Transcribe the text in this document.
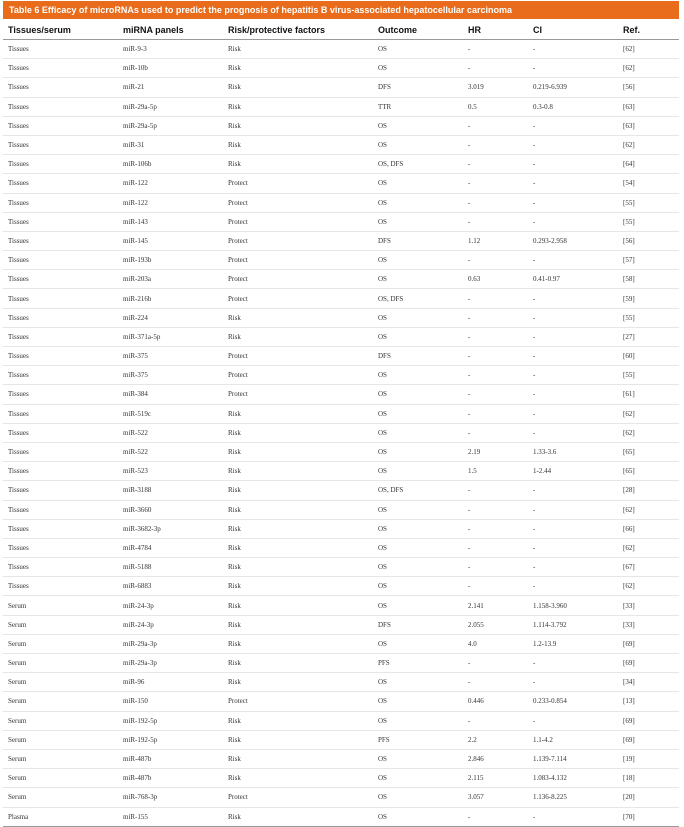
Table 6 Efficacy of microRNAs used to predict the prognosis of hepatitis B virus-associated hepatocellular carcinoma
Tissues/serum	miRNA panels	Risk/protective factors	Outcome	HR	CI	Ref.
Tissues	miR-9-3	Risk	OS	-	-	[62]
Tissues	miR-10b	Risk	OS	-	-	[62]
Tissues	miR-21	Risk	DFS	3.019	0.219-6.939	[56]
Tissues	miR-29a-5p	Risk	TTR	0.5	0.3-0.8	[63]
Tissues	miR-29a-5p	Risk	OS	-	-	[63]
Tissues	miR-31	Risk	OS	-	-	[62]
Tissues	miR-106b	Risk	OS, DFS	-	-	[64]
Tissues	miR-122	Protect	OS	-	-	[54]
Tissues	miR-122	Protect	OS	-	-	[55]
Tissues	miR-143	Protect	OS	-	-	[55]
Tissues	miR-145	Protect	DFS	1.12	0.293-2.958	[56]
Tissues	miR-193b	Protect	OS	-	-	[57]
Tissues	miR-203a	Protect	OS	0.63	0.41-0.97	[58]
Tissues	miR-216b	Protect	OS, DFS	-	-	[59]
Tissues	miR-224	Risk	OS	-	-	[55]
Tissues	miR-371a-5p	Risk	OS	-	-	[27]
Tissues	miR-375	Protect	DFS	-	-	[60]
Tissues	miR-375	Protect	OS	-	-	[55]
Tissues	miR-384	Protect	OS	-	-	[61]
Tissues	miR-519c	Risk	OS	-	-	[62]
Tissues	miR-522	Risk	OS	-	-	[62]
Tissues	miR-522	Risk	OS	2.19	1.33-3.6	[65]
Tissues	miR-523	Risk	OS	1.5	1-2.44	[65]
Tissues	miR-3188	Risk	OS, DFS	-	-	[28]
Tissues	miR-3660	Risk	OS	-	-	[62]
Tissues	miR-3682-3p	Risk	OS	-	-	[66]
Tissues	miR-4784	Risk	OS	-	-	[62]
Tissues	miR-5188	Risk	OS	-	-	[67]
Tissues	miR-6883	Risk	OS	-	-	[62]
Serum	miR-24-3p	Risk	OS	2.141	1.158-3.960	[33]
Serum	miR-24-3p	Risk	DFS	2.055	1.114-3.792	[33]
Serum	miR-29a-3p	Risk	OS	4.0	1.2-13.9	[69]
Serum	miR-29a-3p	Risk	PFS	-	-	[69]
Serum	miR-96	Risk	OS	-	-	[34]
Serum	miR-150	Protect	OS	0.446	0.233-0.854	[13]
Serum	miR-192-5p	Risk	OS	-	-	[69]
Serum	miR-192-5p	Risk	PFS	2.2	1.1-4.2	[69]
Serum	miR-487b	Risk	OS	2.846	1.139-7.114	[19]
Serum	miR-487b	Risk	OS	2.115	1.083-4.132	[18]
Serum	miR-768-3p	Protect	OS	3.057	1.136-8.225	[20]
Plasma	miR-155	Risk	OS	-	-	[70]
